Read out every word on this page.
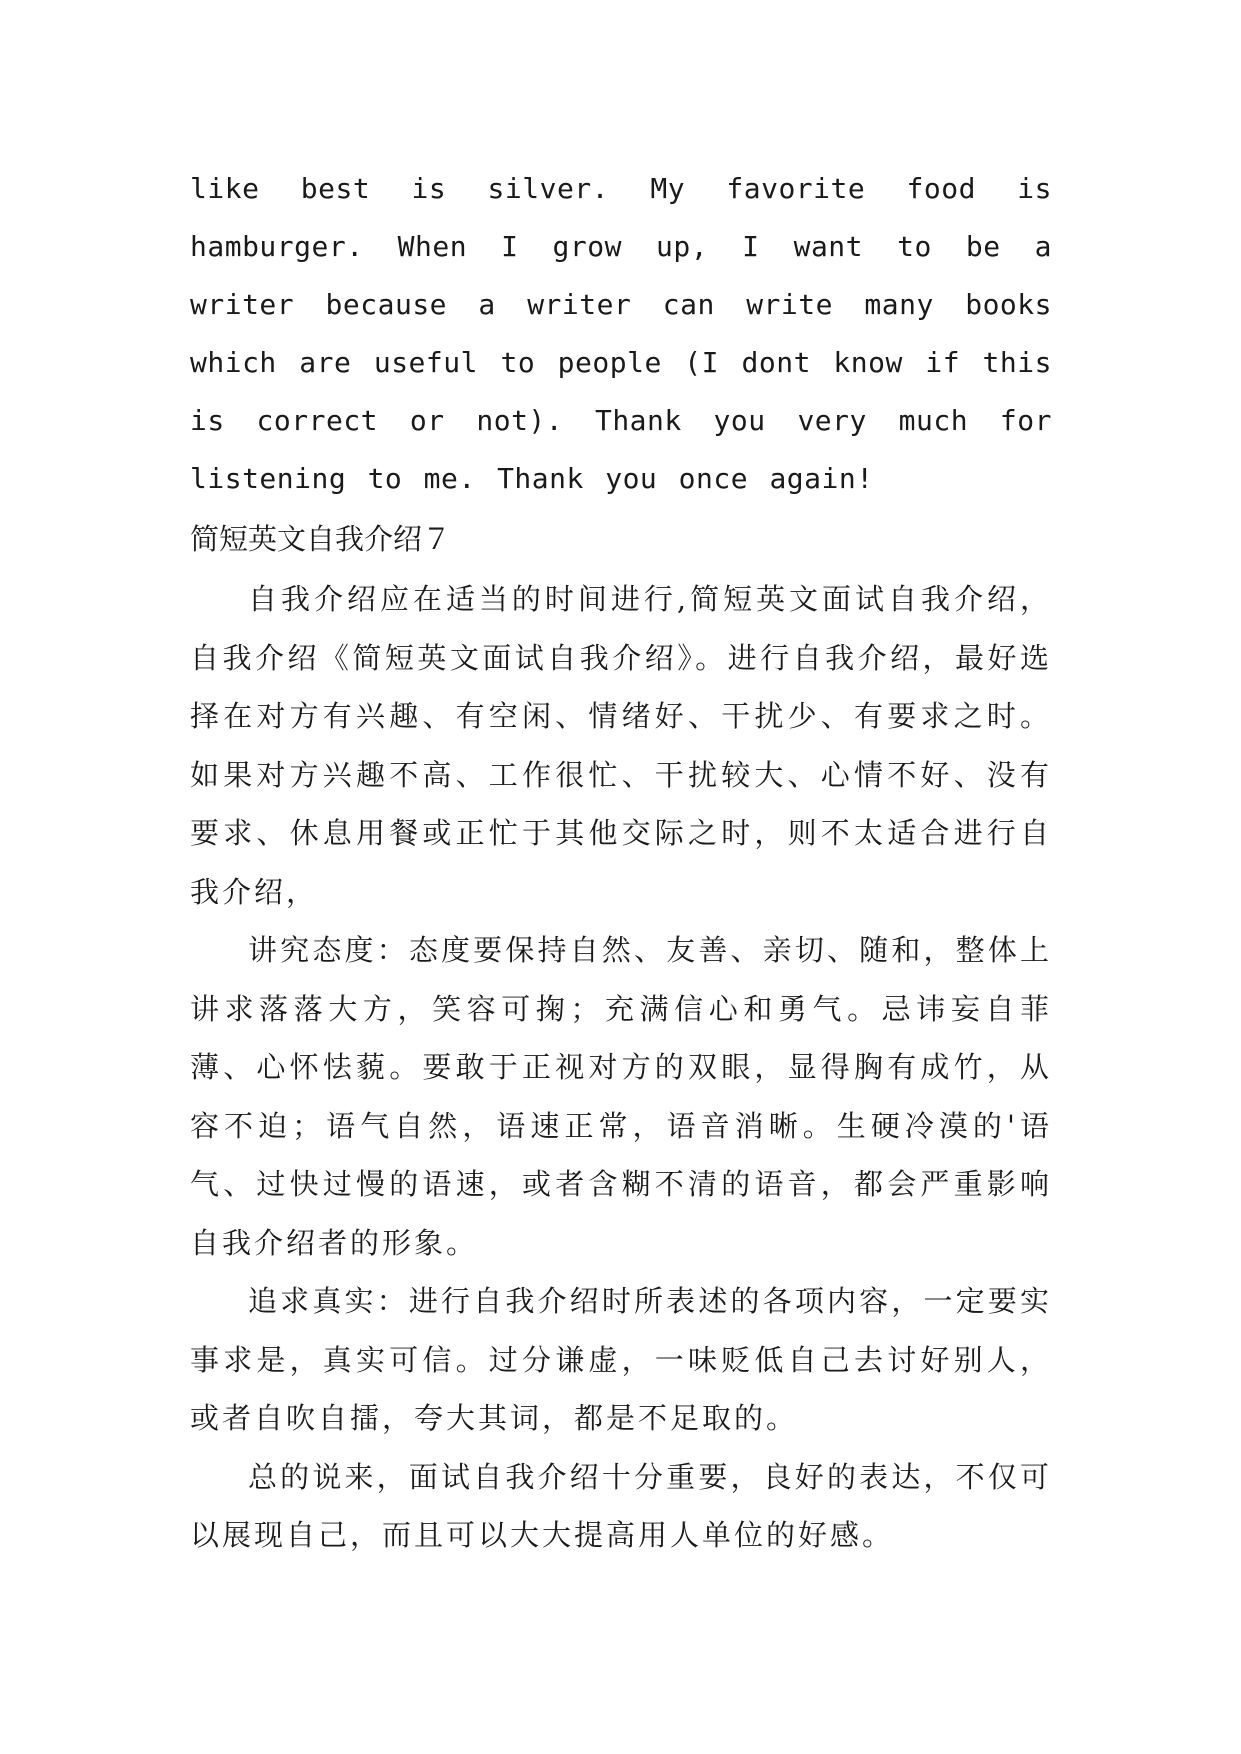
like best is silver. My favorite food is hamburger. When I grow up, I want to be a writer because a writer can write many books which are useful to people (I dont know if this is correct or not). Thank you very much for listening to me. Thank you once again!

简短英文自我介绍７

自我介绍应在适当的时间进行,简短英文面试自我介绍，自我介绍《简短英文面试自我介绍》。进行自我介绍，最好选择在对方有兴趣、有空闲、情绪好、干扰少、有要求之时。如果对方兴趣不高、工作很忙、干扰较大、心情不好、没有要求、休息用餐或正忙于其他交际之时，则不太适合进行自我介绍，

讲究态度：态度要保持自然、友善、亲切、随和，整体上讲求落落大方，笑容可掬；充满信心和勇气。忌讳妄自菲薄、心怀怯藐。要敢于正视对方的双眼，显得胸有成竹，从容不迫；语气自然，语速正常，语音消晰。生硬冷漠的'语气、过快过慢的语速，或者含糊不清的语音，都会严重影响自我介绍者的形象。

追求真实：进行自我介绍时所表述的各项内容，一定要实事求是，真实可信。过分谦虚，一味贬低自己去讨好别人，或者自吹自擂，夸大其词，都是不足取的。

总的说来，面试自我介绍十分重要，良好的表达，不仅可以展现自己，而且可以大大提高用人单位的好感。
